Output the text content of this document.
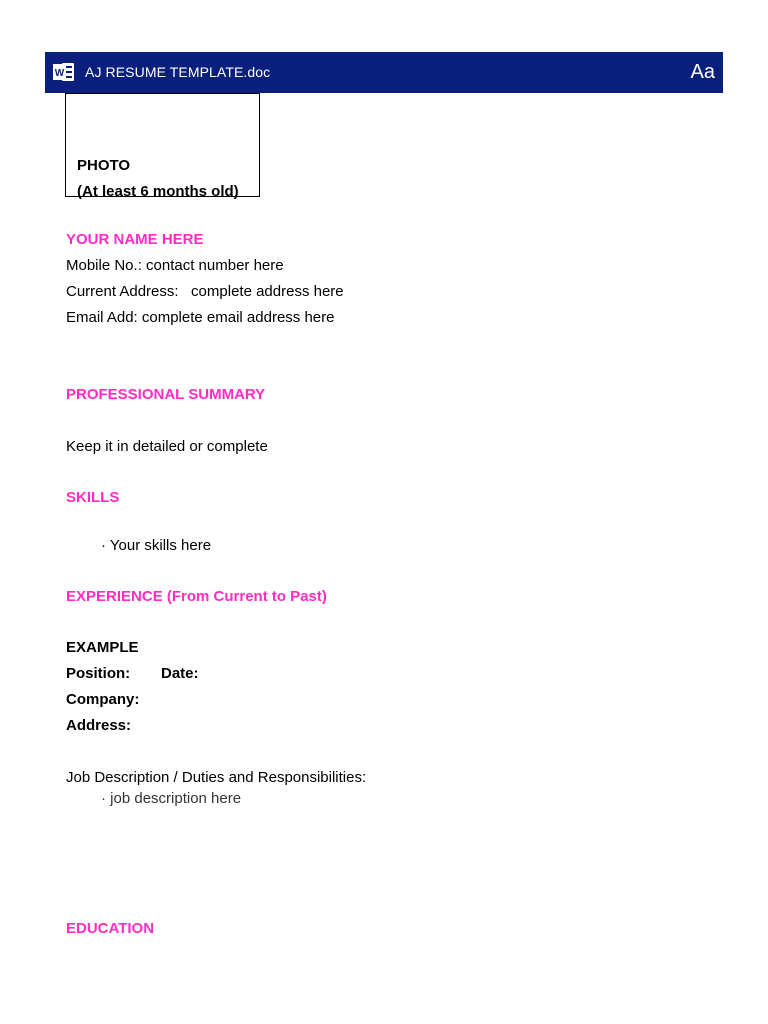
W AJ RESUME TEMPLATE.doc	Aa
PHOTO
(At least 6 months old)
YOUR NAME HERE
Mobile No.: contact number here
Current Address:   complete address here
Email Add: complete email address here
PROFESSIONAL SUMMARY
Keep it in detailed or complete
SKILLS
· Your skills here
EXPERIENCE (From Current to Past)
EXAMPLE
Position: Date:
Company:
Address:
Job Description / Duties and Responsibilities:
· job description here
EDUCATION
